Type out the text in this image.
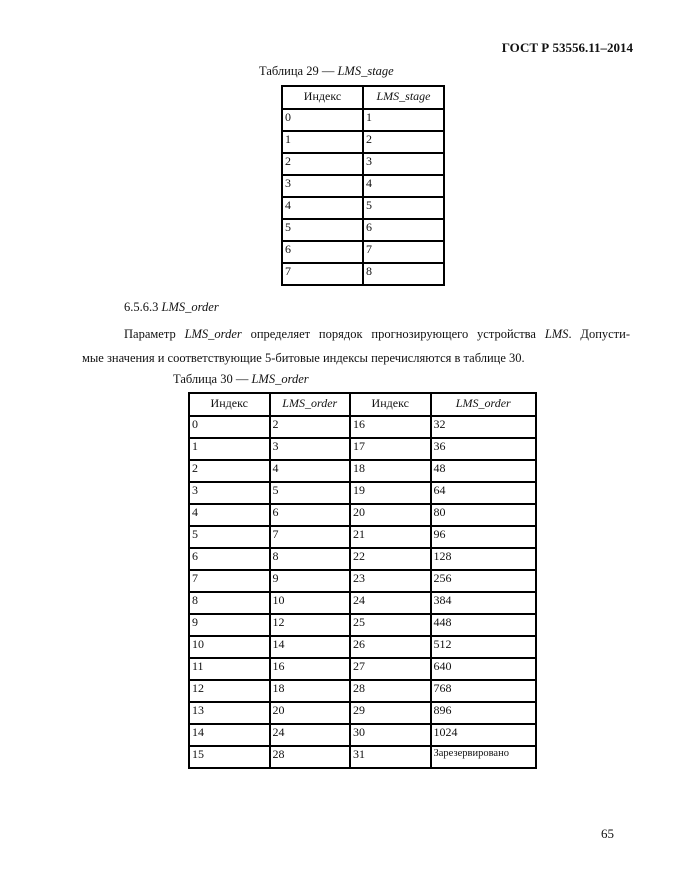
ГОСТ Р 53556.11–2014
Таблица 29 — LMS_stage
Индекс	LMS_stage
0	1
1	2
2	3
3	4
4	5
5	6
6	7
7	8
6.5.6.3 LMS_order
Параметр LMS_order определяет порядок прогнозирующего устройства LMS. Допусти-
мые значения и соответствующие 5-битовые индексы перечисляются в таблице 30.
Таблица 30 — LMS_order
Индекс	LMS_order	Индекс	LMS_order
0	2	16	32
1	3	17	36
2	4	18	48
3	5	19	64
4	6	20	80
5	7	21	96
6	8	22	128
7	9	23	256
8	10	24	384
9	12	25	448
10	14	26	512
11	16	27	640
12	18	28	768
13	20	29	896
14	24	30	1024
15	28	31	Зарезервировано
65
